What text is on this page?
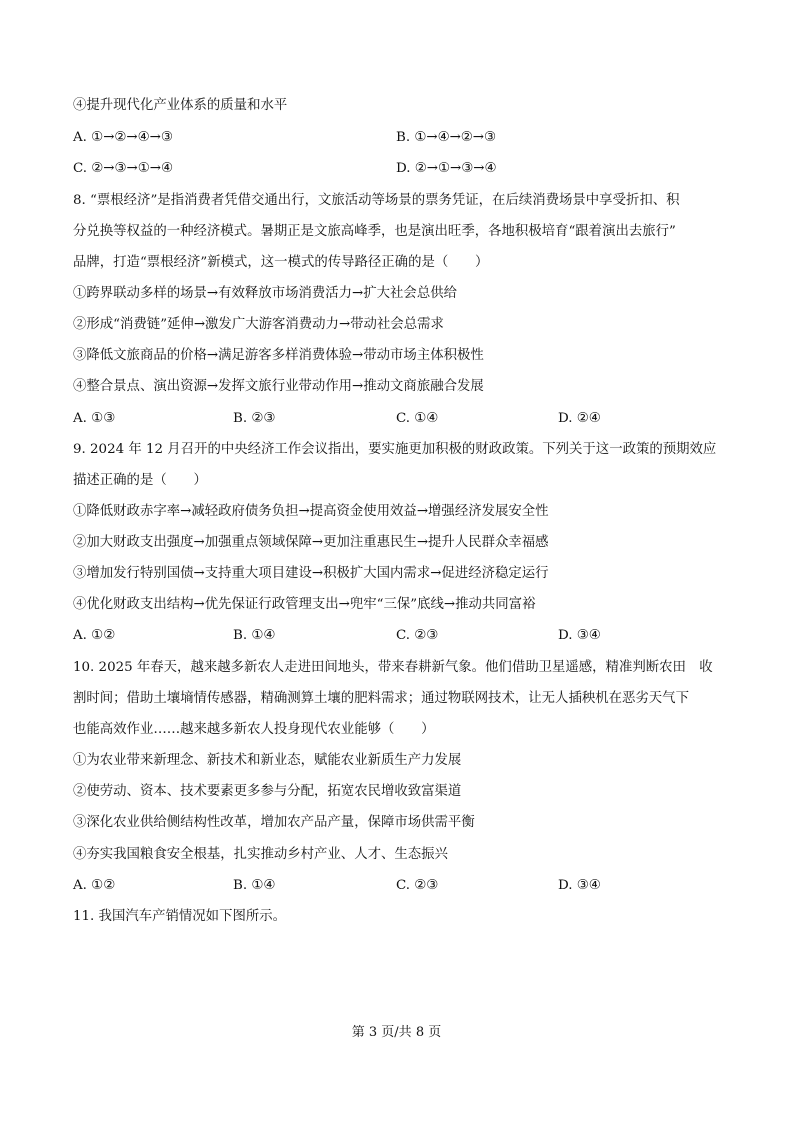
④提升现代化产业体系的质量和水平
A. ①→②→④→③	B. ①→④→②→③
C. ②→③→①→④	D. ②→①→③→④
8. “票根经济”是指消费者凭借交通出行，文旅活动等场景的票务凭证，在后续消费场景中享受折扣、积
分兑换等权益的一种经济模式。暑期正是文旅高峰季，也是演出旺季，各地积极培育“跟着演出去旅行”
品牌，打造“票根经济”新模式，这一模式的传导路径正确的是（　　）
①跨界联动多样的场景→有效释放市场消费活力→扩大社会总供给
②形成“消费链”延伸→激发广大游客消费动力→带动社会总需求
③降低文旅商品的价格→满足游客多样消费体验→带动市场主体积极性
④整合景点、演出资源→发挥文旅行业带动作用→推动文商旅融合发展
A. ①③	B. ②③	C. ①④	D. ②④
9. 2024 年 12 月召开的中央经济工作会议指出，要实施更加积极的财政政策。下列关于这一政策的预期效应
描述正确的是（　　）
①降低财政赤字率→减轻政府债务负担→提高资金使用效益→增强经济发展安全性
②加大财政支出强度→加强重点领域保障→更加注重惠民生→提升人民群众幸福感
③增加发行特别国债→支持重大项目建设→积极扩大国内需求→促进经济稳定运行
④优化财政支出结构→优先保证行政管理支出→兜牢“三保”底线→推动共同富裕
A. ①②	B. ①④	C. ②③	D. ③④
10. 2025 年春天，越来越多新农人走进田间地头，带来春耕新气象。他们借助卫星遥感，精准判断农田　收
割时间；借助土壤墒情传感器，精确测算土壤的肥料需求；通过物联网技术，让无人插秧机在恶劣天气下
也能高效作业……越来越多新农人投身现代农业能够（　　）
①为农业带来新理念、新技术和新业态，赋能农业新质生产力发展
②使劳动、资本、技术要素更多参与分配，拓宽农民增收致富渠道
③深化农业供给侧结构性改革，增加农产品产量，保障市场供需平衡
④夯实我国粮食安全根基，扎实推动乡村产业、人才、生态振兴
A. ①②	B. ①④	C. ②③	D. ③④
11. 我国汽车产销情况如下图所示。
第 3 页/共 8 页
